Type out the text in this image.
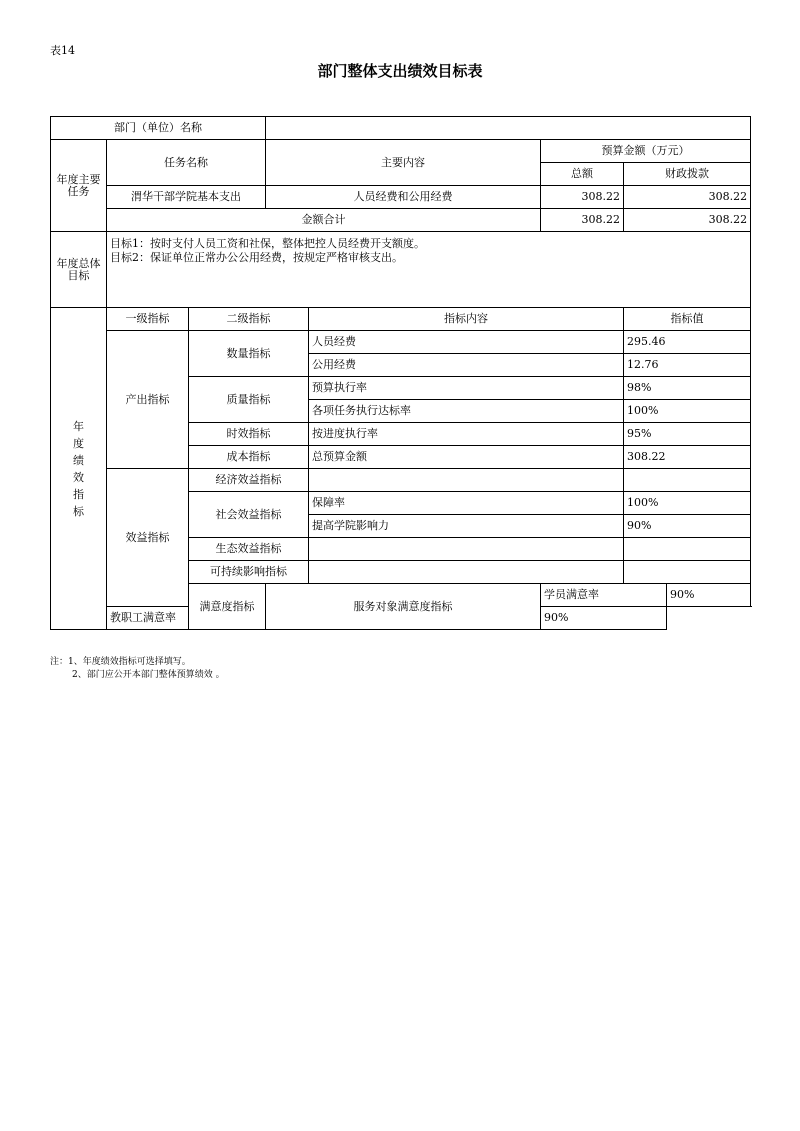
表14
部门整体支出绩效目标表
部门（单位）名称								
年度主要任务	任务名称		主要内容		预算金额（万元）			
					总额	财政拨款	
	渭华干部学院基本支出		人员经费和公用经费		308.22	308.22		
	金额合计				308.22	308.22		
年度总体目标	目标1：按时支付人员工资和社保，整体把控人员经费开支额度。
目标2：保证单位正常办公公用经费，按规定严格审核支出。							

年度绩效指标	一级指标	二级指标		指标内容		指标值		
	产出指标	数量指标		人员经费		295.46		
				公用经费		12.76		
		质量指标		预算执行率		98%		
				各项任务执行达标率		100%		
		时效指标		按进度执行率		95%		
		成本指标		总预算金额		308.22		
	效益指标	经济效益指标						
		社会效益指标		保障率		100%		
				提高学院影响力		90%		
		生态效益指标						
		可持续影响指标						
		满意度指标	服务对象满意度指标		学员满意率		90%	
	教职工满意率				90%			
注：1、年度绩效指标可选择填写。
2、部门应公开本部门整体预算绩效 。
